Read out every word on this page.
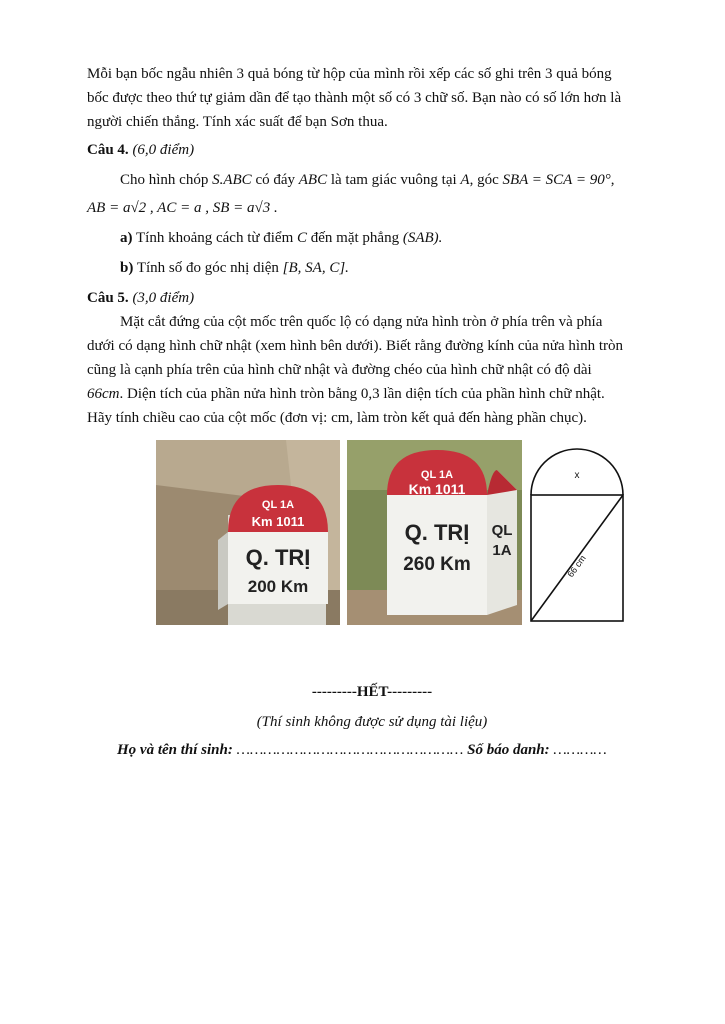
Mỗi bạn bốc ngẫu nhiên 3 quả bóng từ hộp của mình rồi xếp các số ghi trên 3 quả bóng

bốc được theo thứ tự giảm dần để tạo thành một số có 3 chữ số. Bạn nào có số lớn hơn là

người chiến thắng. Tính xác suất để bạn Sơn thua.

Câu 4. (6,0 điểm)

Cho hình chóp S.ABC có đáy ABC là tam giác vuông tại A, góc SBA = SCA = 90°,

AB = a√2 , AC = a , SB = a√3 .

a) Tính khoảng cách từ điểm C đến mặt phẳng (SAB).

b) Tính số đo góc nhị diện [B, SA, C].

Câu 5. (3,0 điểm)

Mặt cắt đứng của cột mốc trên quốc lộ có dạng nửa hình tròn ở phía trên và phía

dưới có dạng hình chữ nhật (xem hình bên dưới). Biết rằng đường kính của nửa hình tròn

cũng là cạnh phía trên của hình chữ nhật và đường chéo của hình chữ nhật có độ dài

66cm. Diện tích của phần nửa hình tròn bằng 0,3 lần diện tích của phần hình chữ nhật.

Hãy tính chiều cao của cột mốc (đơn vị: cm, làm tròn kết quả đến hàng phần chục).

QL 1A
Km 1011
Q. TRỊ
200 Km
QL 1A
Km 1011
Q. TRỊ
260 Km
QL
1A
x
66 cm

---------HẾT---------

(Thí sinh không được sử dụng tài liệu)

Họ và tên thí sinh: …………………………………………… Số báo danh: …………
